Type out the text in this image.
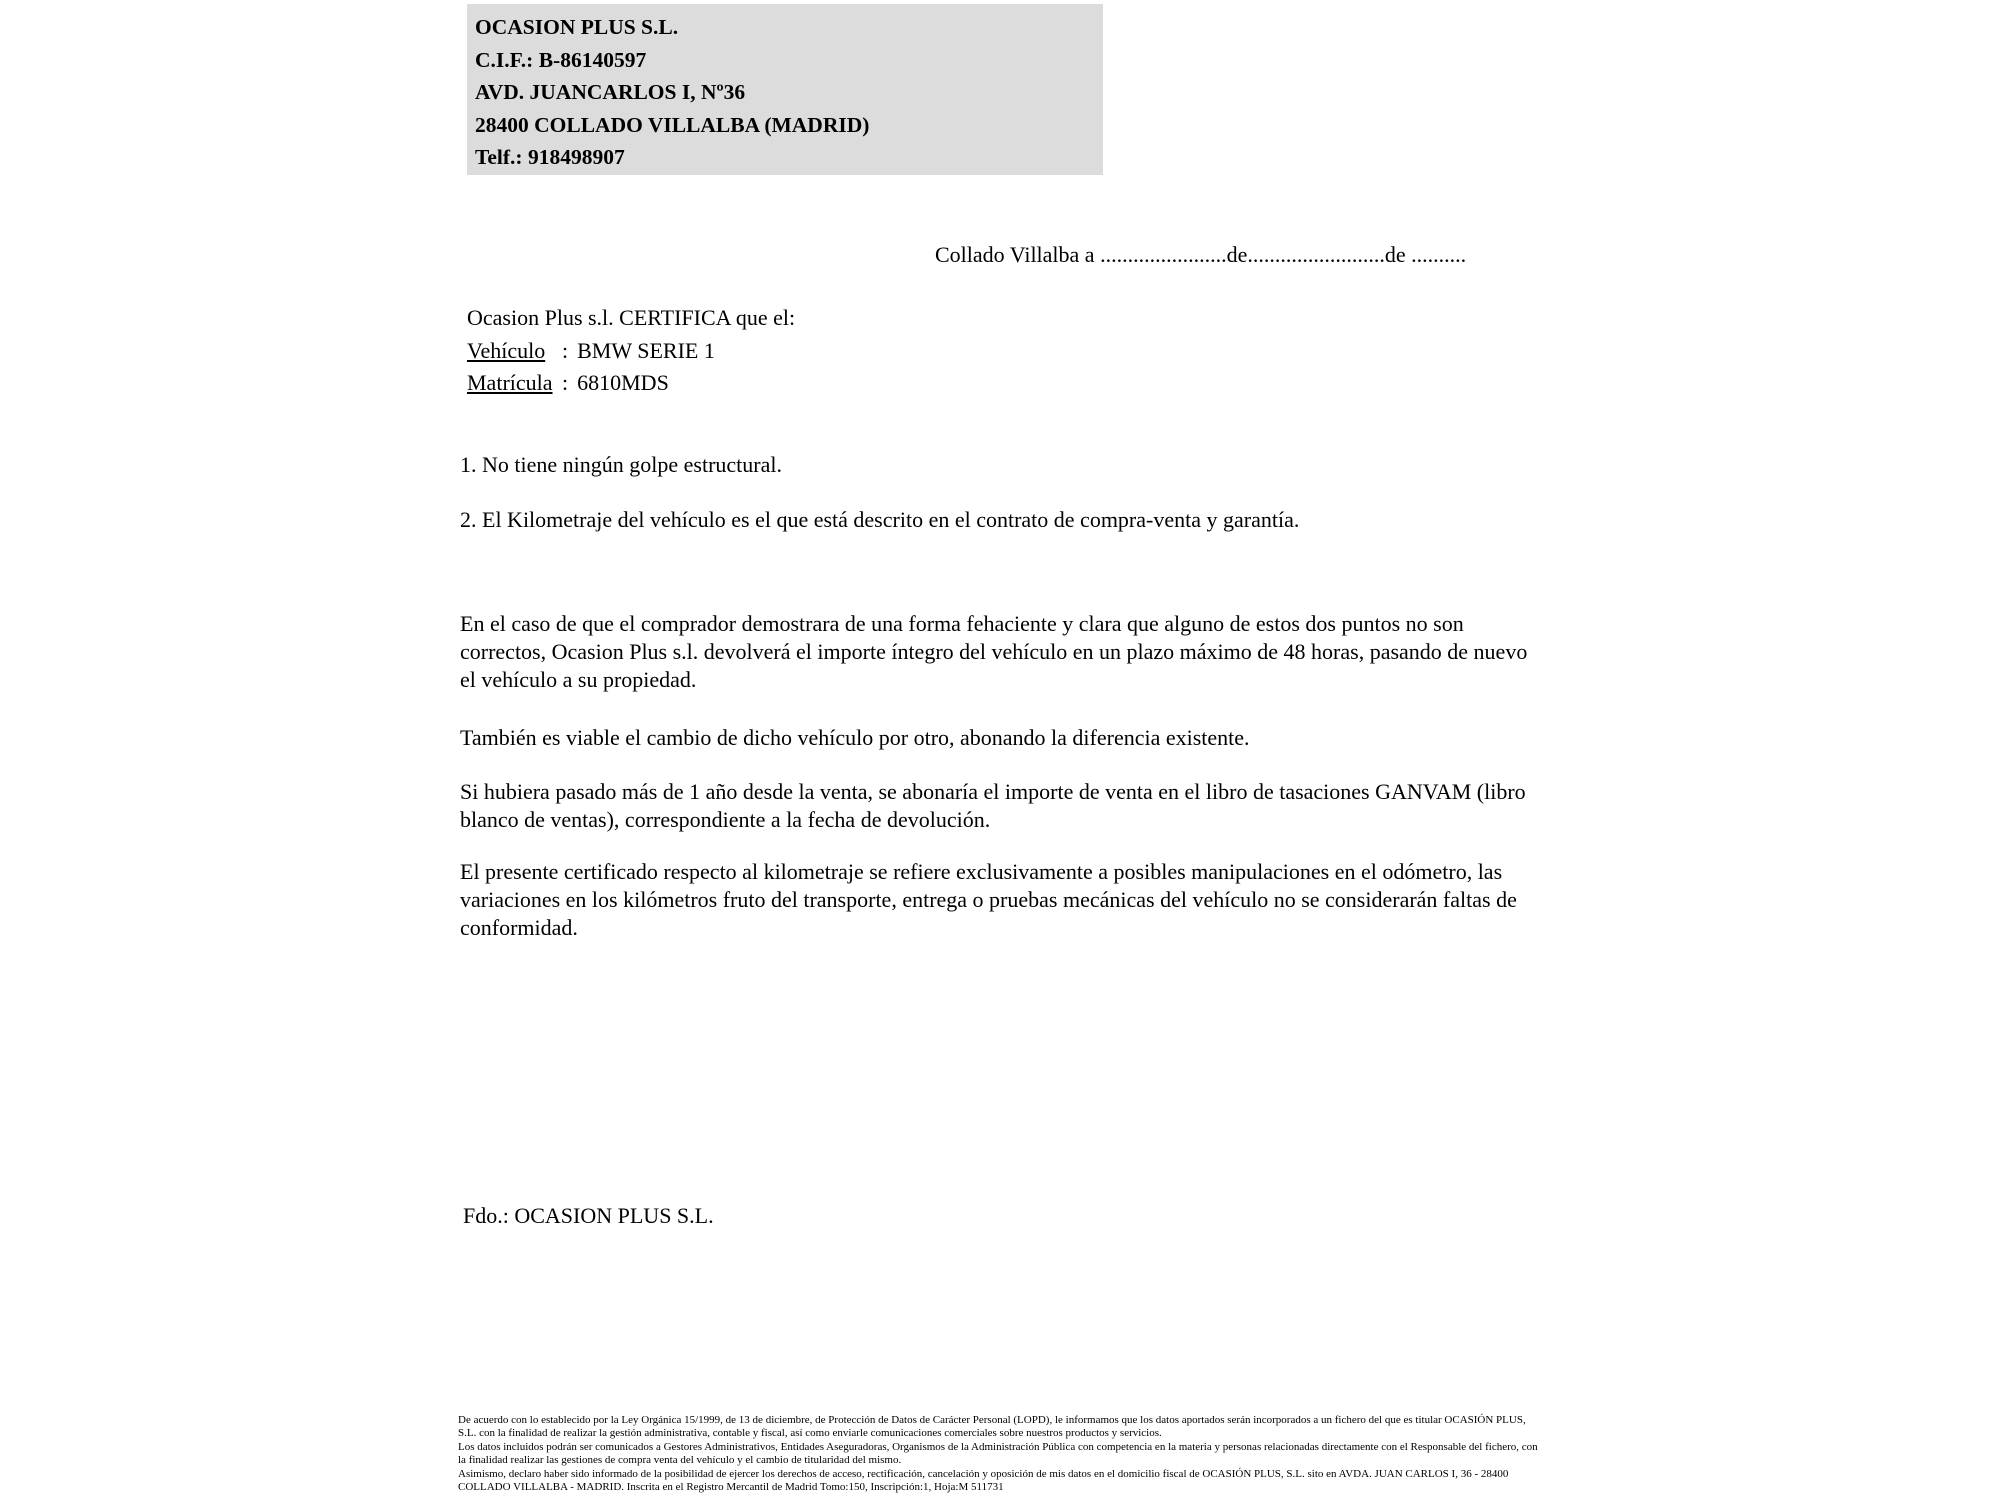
OCASION PLUS S.L.
C.I.F.: B-86140597
AVD. JUANCARLOS I, Nº36
28400 COLLADO VILLALBA (MADRID)
Telf.: 918498907
Collado Villalba a .......................de.........................de ..........
Ocasion Plus s.l. CERTIFICA que el:
Vehículo : BMW SERIE 1
Matrícula : 6810MDS
1. No tiene ningún golpe estructural.
2. El Kilometraje del vehículo es el que está descrito en el contrato de compra-venta y garantía.

En el caso de que el comprador demostrara de una forma fehaciente y clara que alguno de estos dos puntos no son correctos, Ocasion Plus s.l. devolverá el importe íntegro del vehículo en un plazo máximo de 48 horas, pasando de nuevo el vehículo a su propiedad.

También es viable el cambio de dicho vehículo por otro, abonando la diferencia existente.

Si hubiera pasado más de 1 año desde la venta, se abonaría el importe de venta en el libro de tasaciones GANVAM (libro blanco de ventas), correspondiente a la fecha de devolución.

El presente certificado respecto al kilometraje se refiere exclusivamente a posibles manipulaciones en el odómetro, las variaciones en los kilómetros fruto del transporte, entrega o pruebas mecánicas del vehículo no se considerarán faltas de conformidad.

Fdo.: OCASION PLUS S.L.

De acuerdo con lo establecido por la Ley Orgánica 15/1999, de 13 de diciembre, de Protección de Datos de Carácter Personal (LOPD), le informamos que los datos aportados serán incorporados a un fichero del que es titular OCASIÓN PLUS, S.L. con la finalidad de realizar la gestión administrativa, contable y fiscal, así como enviarle comunicaciones comerciales sobre nuestros productos y servicios.

Los datos incluidos podrán ser comunicados a Gestores Administrativos, Entidades Aseguradoras, Organismos de la Administración Pública con competencia en la materia y personas relacionadas directamente con el Responsable del fichero, con la finalidad realizar las gestiones de compra venta del vehículo y el cambio de titularidad del mismo.

Asimismo, declaro haber sido informado de la posibilidad de ejercer los derechos de acceso, rectificación, cancelación y oposición de mis datos en el domicilio fiscal de OCASIÓN PLUS, S.L. sito en AVDA. JUAN CARLOS I, 36 - 28400 COLLADO VILLALBA - MADRID. Inscrita en el Registro Mercantil de Madrid Tomo:150, Inscripción:1, Hoja:M 511731
